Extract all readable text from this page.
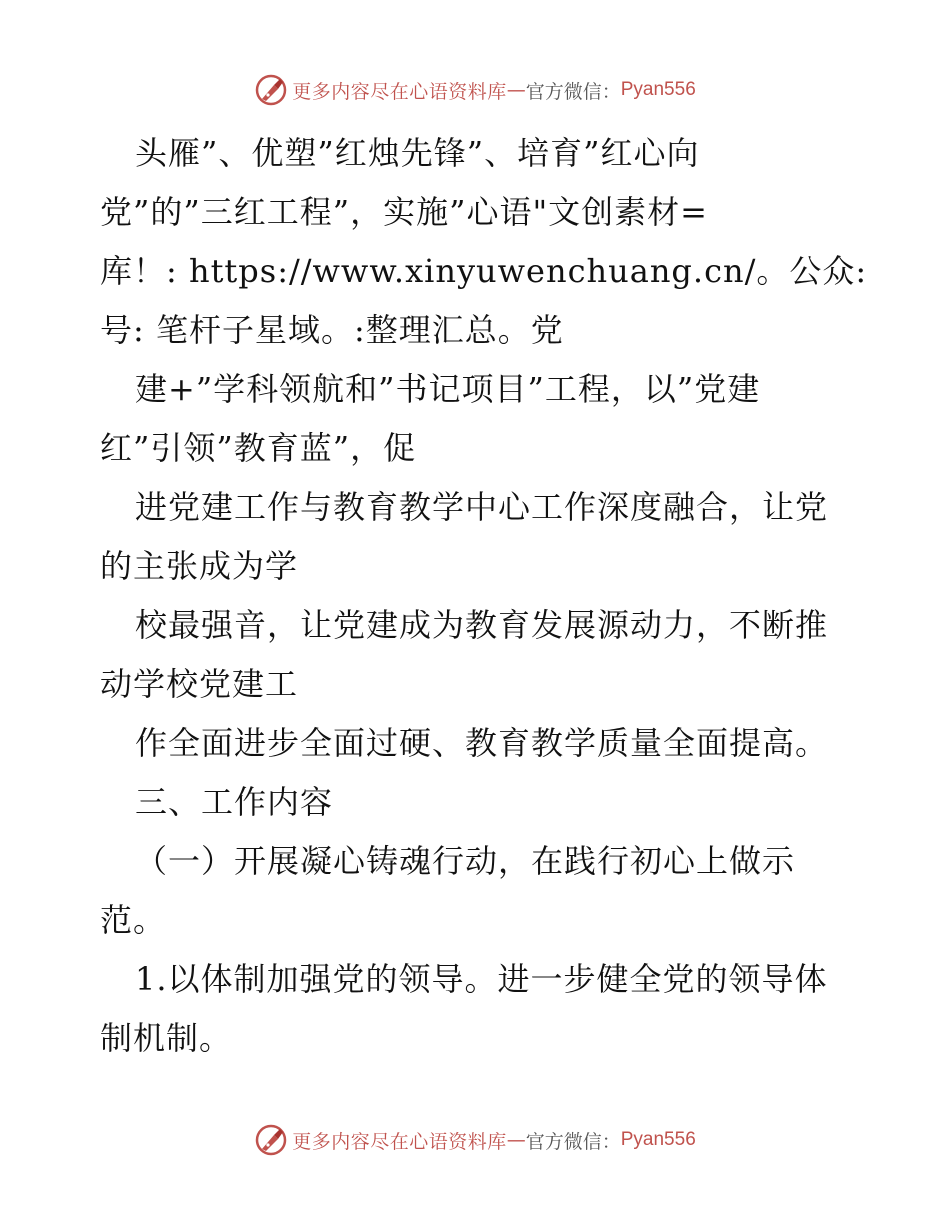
更多内容尽在心语资料库 — 官方微信： Pyan556
头雁”、优塑”红烛先锋”、培育”红心向
党”的”三红工程”，实施”心语"文创素材=
库！: https://www.xinyuwenchuang.cn/。公众:
号: 笔杆子星域。:整理汇总。党
建+”学科领航和”书记项目”工程，以”党建
红”引领”教育蓝”，促
进党建工作与教育教学中心工作深度融合，让党
的主张成为学
校最强音，让党建成为教育发展源动力，不断推
动学校党建工
作全面进步全面过硬、教育教学质量全面提高。
三、工作内容
（一）开展凝心铸魂行动，在践行初心上做示
范。
1.以体制加强党的领导。进一步健全党的领导体
制机制。
更多内容尽在心语资料库 — 官方微信： Pyan556
